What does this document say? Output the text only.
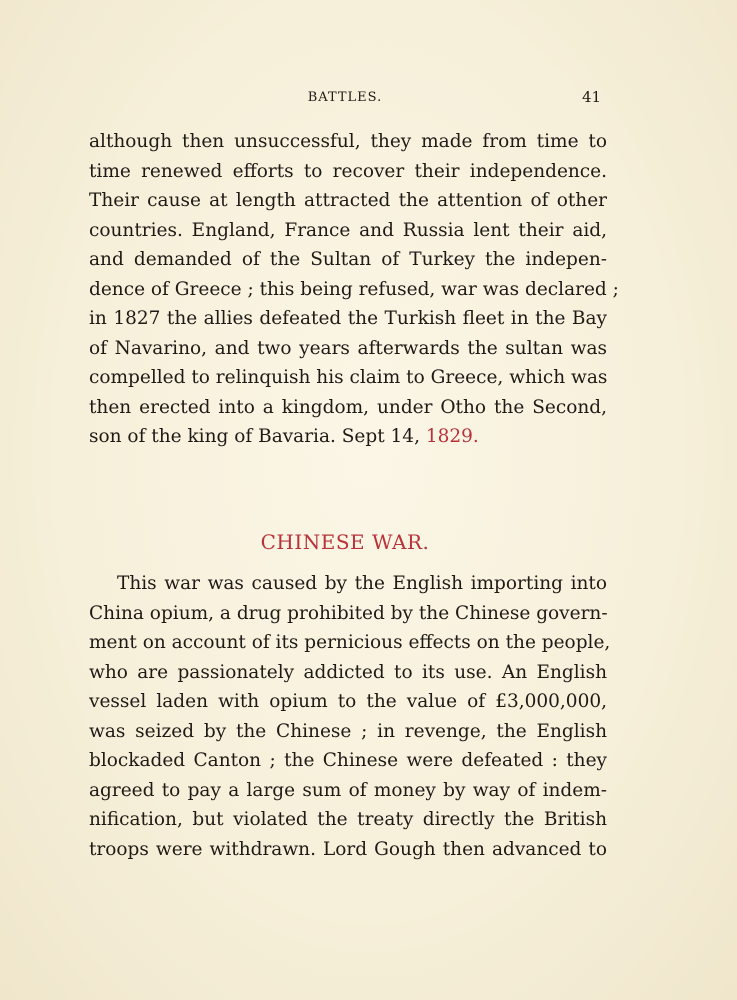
BATTLES.	41
although then unsuccessful, they made from time to
time renewed efforts to recover their independence.
Their cause at length attracted the attention of other
countries. England, France and Russia lent their aid,
and demanded of the Sultan of Turkey the indepen-
dence of Greece ; this being refused, war was declared ;
in 1827 the allies defeated the Turkish fleet in the Bay
of Navarino, and two years afterwards the sultan was
compelled to relinquish his claim to Greece, which was
then erected into a kingdom, under Otho the Second,
son of the king of Bavaria. Sept 14, 1829.
CHINESE WAR.
This war was caused by the English importing into
China opium, a drug prohibited by the Chinese govern-
ment on account of its pernicious effects on the people,
who are passionately addicted to its use. An English
vessel laden with opium to the value of £3,000,000,
was seized by the Chinese ; in revenge, the English
blockaded Canton ; the Chinese were defeated : they
agreed to pay a large sum of money by way of indem-
nification, but violated the treaty directly the British
troops were withdrawn. Lord Gough then advanced to
